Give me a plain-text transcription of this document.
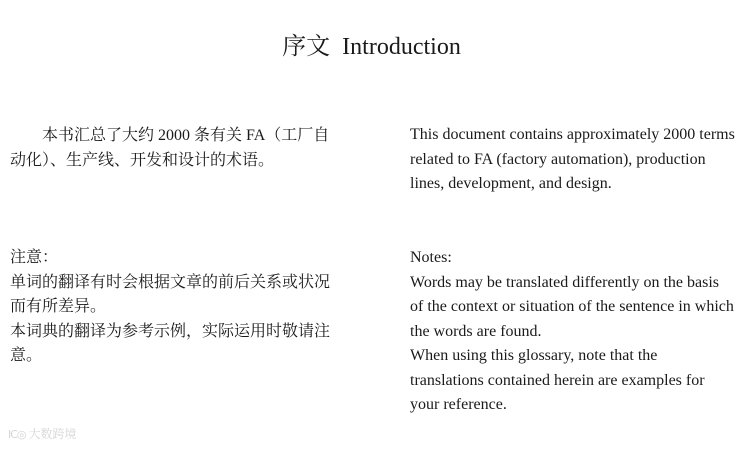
序文 Introduction

本书汇总了大约 2000 条有关 FA（工厂自动化）、生产线、开发和设计的术语。

This document contains approximately 2000 terms related to FA (factory automation), production lines, development, and design.

注意：

单词的翻译有时会根据文章的前后关系或状况而有所差异。

本词典的翻译为参考示例，实际运用时敬请注意。

Notes:

Words may be translated differently on the basis of the context or situation of the sentence in which the words are found.

When using this glossary, note that the translations contained herein are examples for your reference.

IC◎ 大数跨境
